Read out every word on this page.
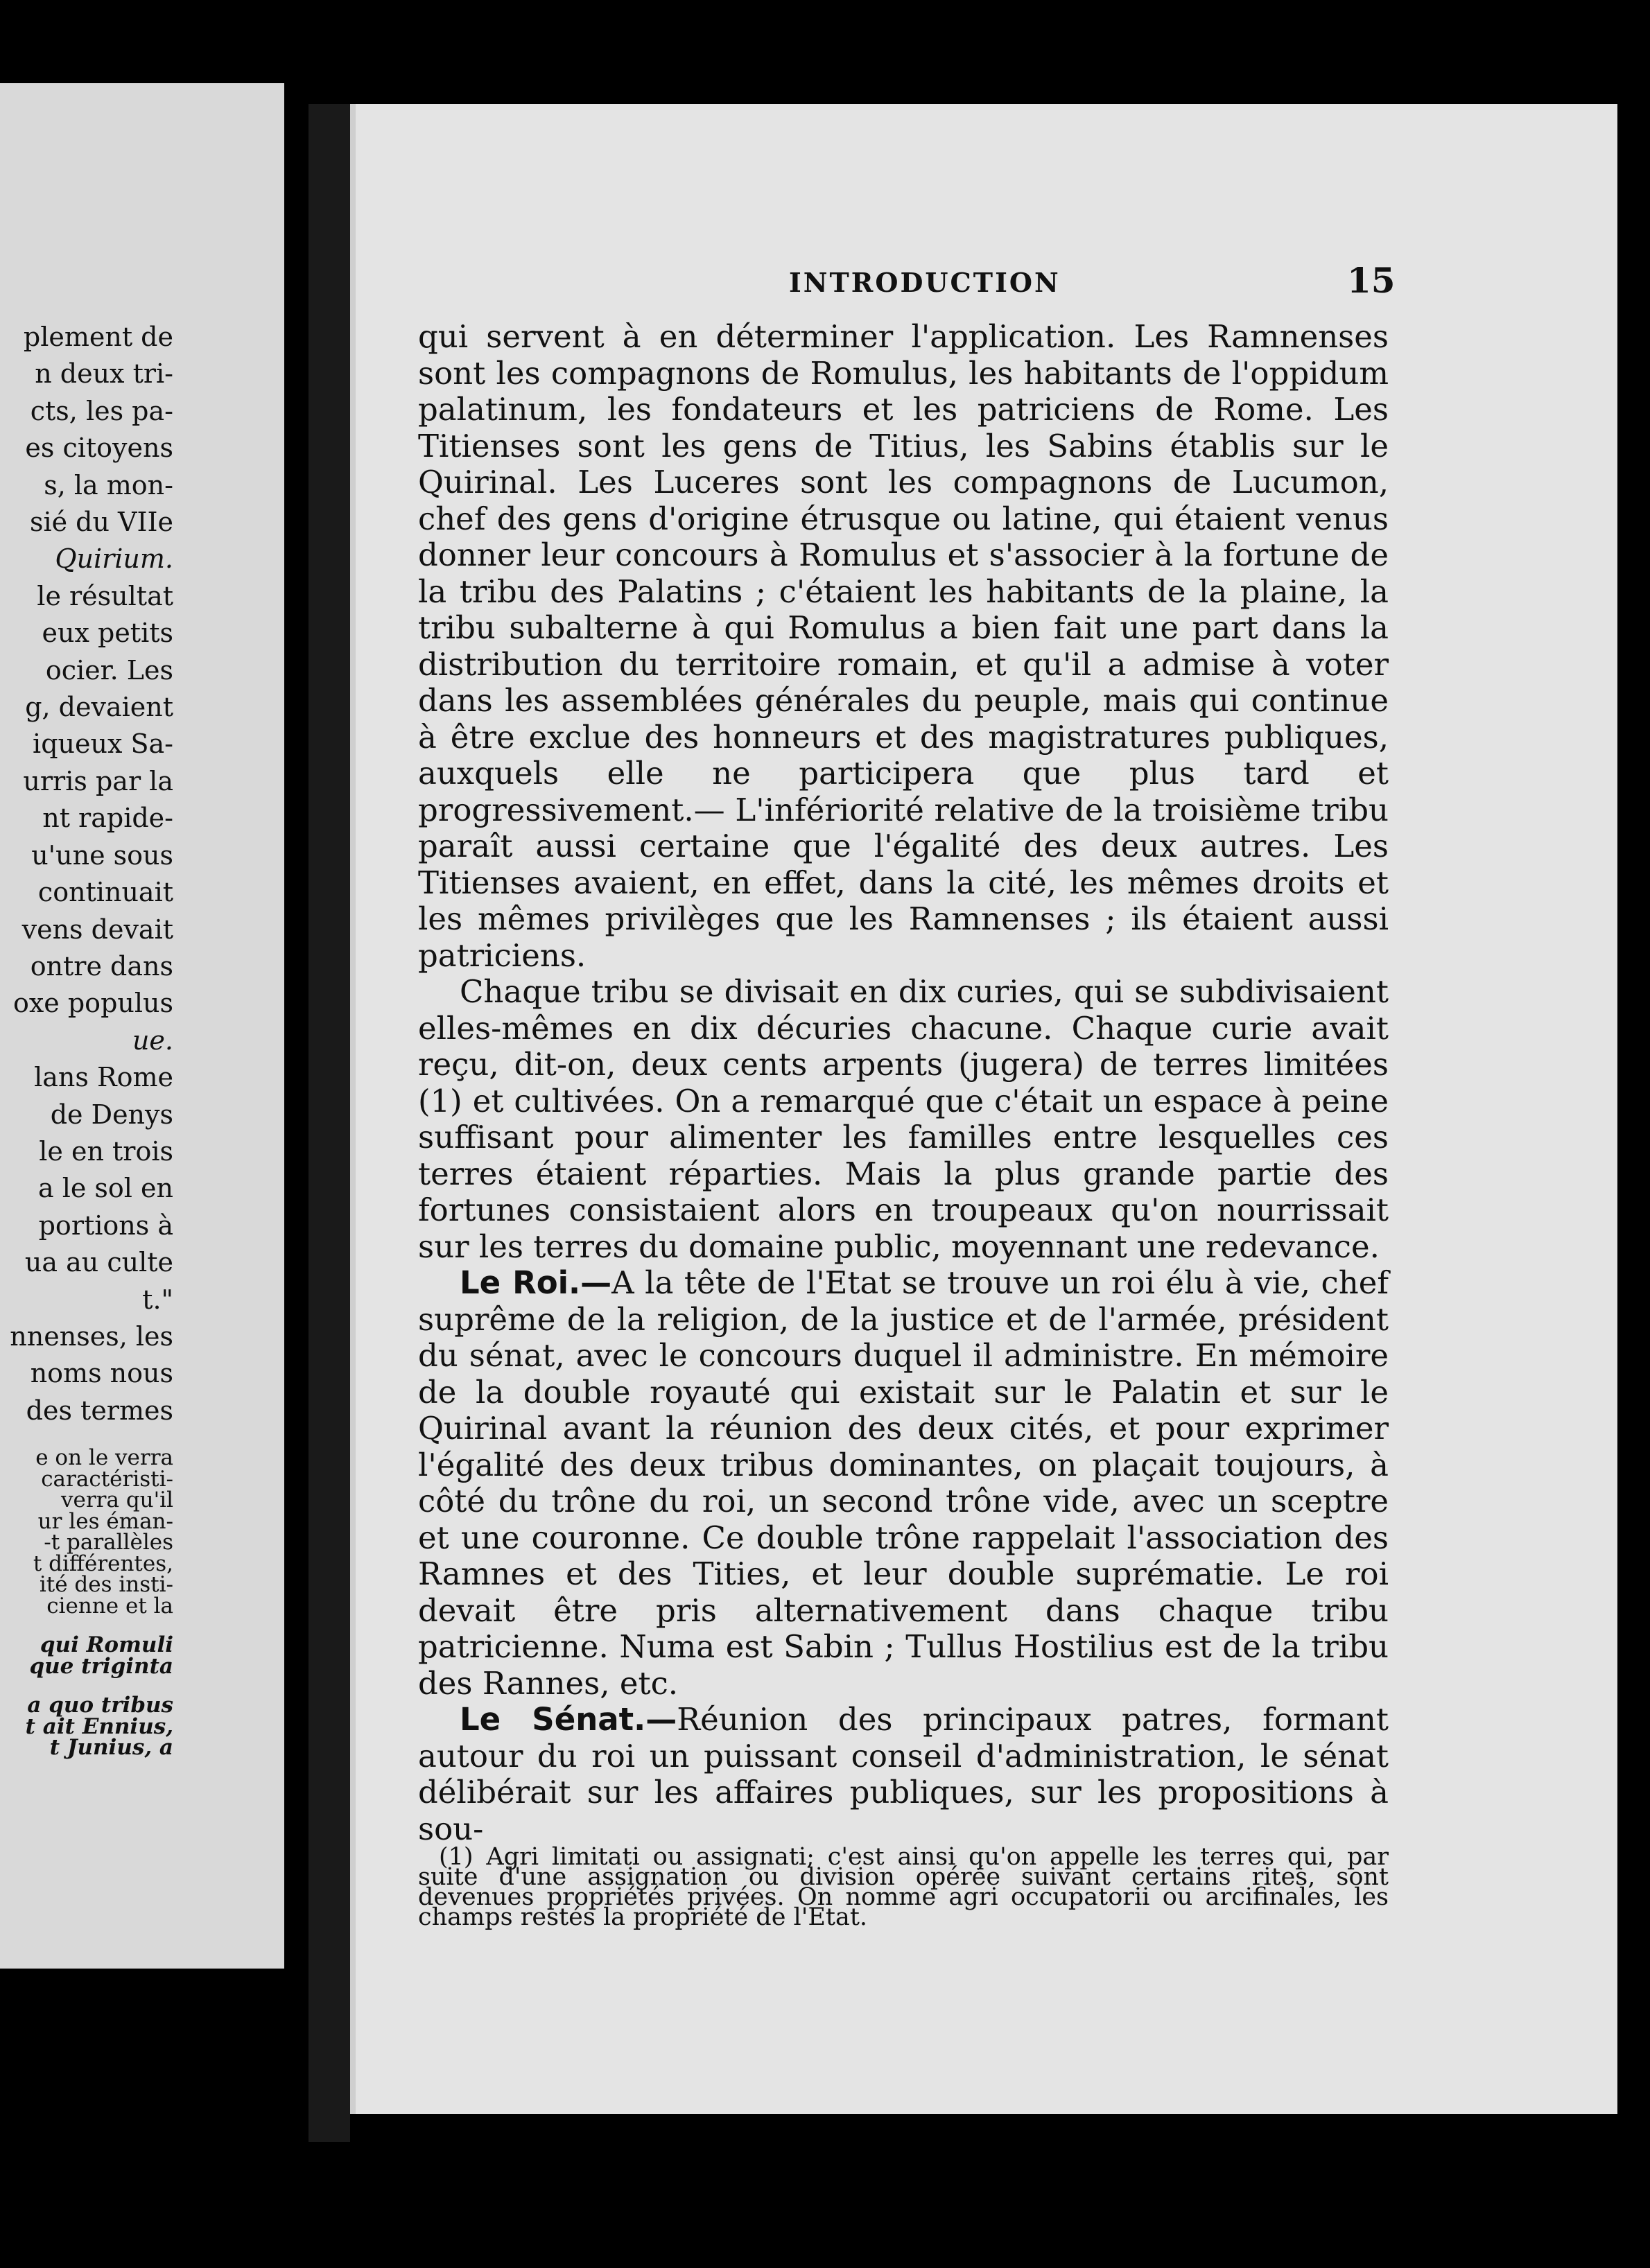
plement de
n deux tri-
cts, les pa-
es citoyens
s, la mon-
sié du VIIe
Quirium.
le résultat
eux petits
ocier. Les
g, devaient
iqueux Sa-
urris par la
nt rapide-
u'une sous
continuait
vens devait
ontre dans
oxe populus
ue.
lans Rome
de Denys
le en trois
a le sol en
portions à
ua au culte
t."
nnenses, les
noms nous
des termes
e on le verra
caractéristi-
verra qu'il
ur les éman-
-t parallèles
t différentes,
ité des insti-
cienne et la
qui Romuli
que triginta
a quo tribus
t ait Ennius,
t Junius, a
INTRODUCTION	15

qui servent à en déterminer l'application. Les Ramnenses sont les compagnons de Romulus, les habitants de l'oppidum palatinum, les fondateurs et les patriciens de Rome. Les Titienses sont les gens de Titius, les Sabins établis sur le Quirinal. Les Luceres sont les compagnons de Lucumon, chef des gens d'origine étrusque ou latine, qui étaient venus donner leur concours à Romulus et s'associer à la fortune de la tribu des Palatins ; c'étaient les habitants de la plaine, la tribu subalterne à qui Romulus a bien fait une part dans la distribution du territoire romain, et qu'il a admise à voter dans les assemblées générales du peuple, mais qui continue à être exclue des honneurs et des magistratures publiques, auxquels elle ne participera que plus tard et progressivement.— L'infériorité relative de la troisième tribu paraît aussi certaine que l'égalité des deux autres. Les Titienses avaient, en effet, dans la cité, les mêmes droits et les mêmes privilèges que les Ramnenses ; ils étaient aussi patriciens.

Chaque tribu se divisait en dix curies, qui se subdivisaient elles-mêmes en dix décuries chacune. Chaque curie avait reçu, dit-on, deux cents arpents (jugera) de terres limitées (1) et cultivées. On a remarqué que c'était un espace à peine suffisant pour alimenter les familles entre lesquelles ces terres étaient réparties. Mais la plus grande partie des fortunes consistaient alors en troupeaux qu'on nourrissait sur les terres du domaine public, moyennant une redevance.

Le Roi.—A la tête de l'Etat se trouve un roi élu à vie, chef suprême de la religion, de la justice et de l'armée, président du sénat, avec le concours duquel il administre. En mémoire de la double royauté qui existait sur le Palatin et sur le Quirinal avant la réunion des deux cités, et pour exprimer l'égalité des deux tribus dominantes, on plaçait toujours, à côté du trône du roi, un second trône vide, avec un sceptre et une couronne. Ce double trône rappelait l'association des Ramnes et des Tities, et leur double suprématie. Le roi devait être pris alternativement dans chaque tribu patricienne. Numa est Sabin ; Tullus Hostilius est de la tribu des Rannes, etc.

Le Sénat.—Réunion des principaux patres, formant autour du roi un puissant conseil d'administration, le sénat délibérait sur les affaires publiques, sur les propositions à sou-

(1) Agri limitati ou assignati; c'est ainsi qu'on appelle les terres qui, par suite d'une assignation ou division opérée suivant certains rites, sont devenues propriétés privées. On nomme agri occupatorii ou arcifinales, les champs restés la propriété de l'Etat.
